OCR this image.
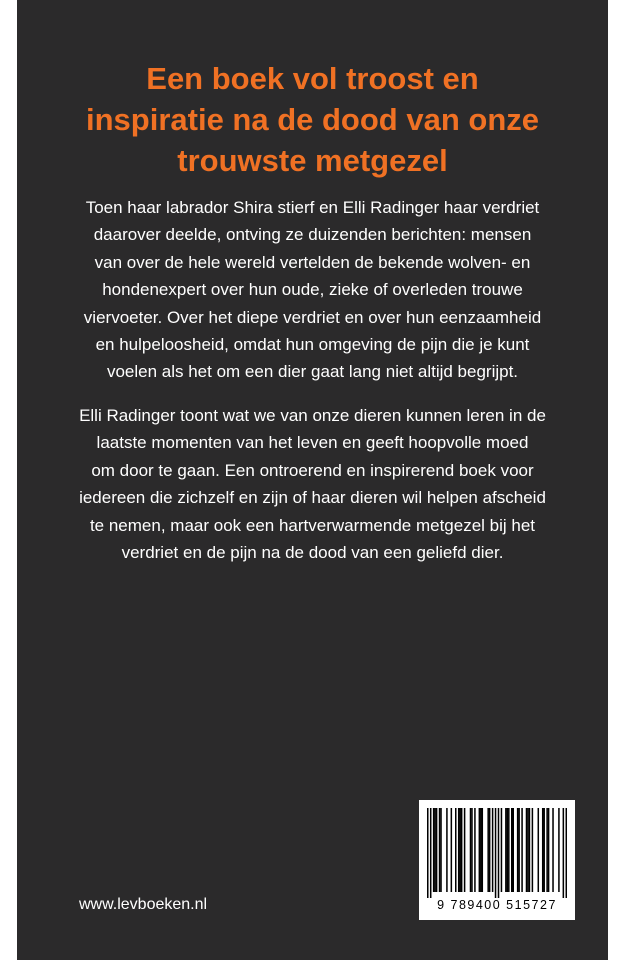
Een boek vol troost en
inspiratie na de dood van onze
trouwste metgezel

Toen haar labrador Shira stierf en Elli Radinger haar verdriet
daarover deelde, ontving ze duizenden berichten: mensen
van over de hele wereld vertelden de bekende wolven- en
hondenexpert over hun oude, zieke of overleden trouwe
viervoeter. Over het diepe verdriet en over hun eenzaamheid
en hulpeloosheid, omdat hun omgeving de pijn die je kunt
voelen als het om een dier gaat lang niet altijd begrijpt.

Elli Radinger toont wat we van onze dieren kunnen leren in de
laatste momenten van het leven en geeft hoopvolle moed
om door te gaan. Een ontroerend en inspirerend boek voor
iedereen die zichzelf en zijn of haar dieren wil helpen afscheid
te nemen, maar ook een hartverwarmende metgezel bij het
verdriet en de pijn na de dood van een geliefd dier.

www.levboeken.nl	9 789400 515727
